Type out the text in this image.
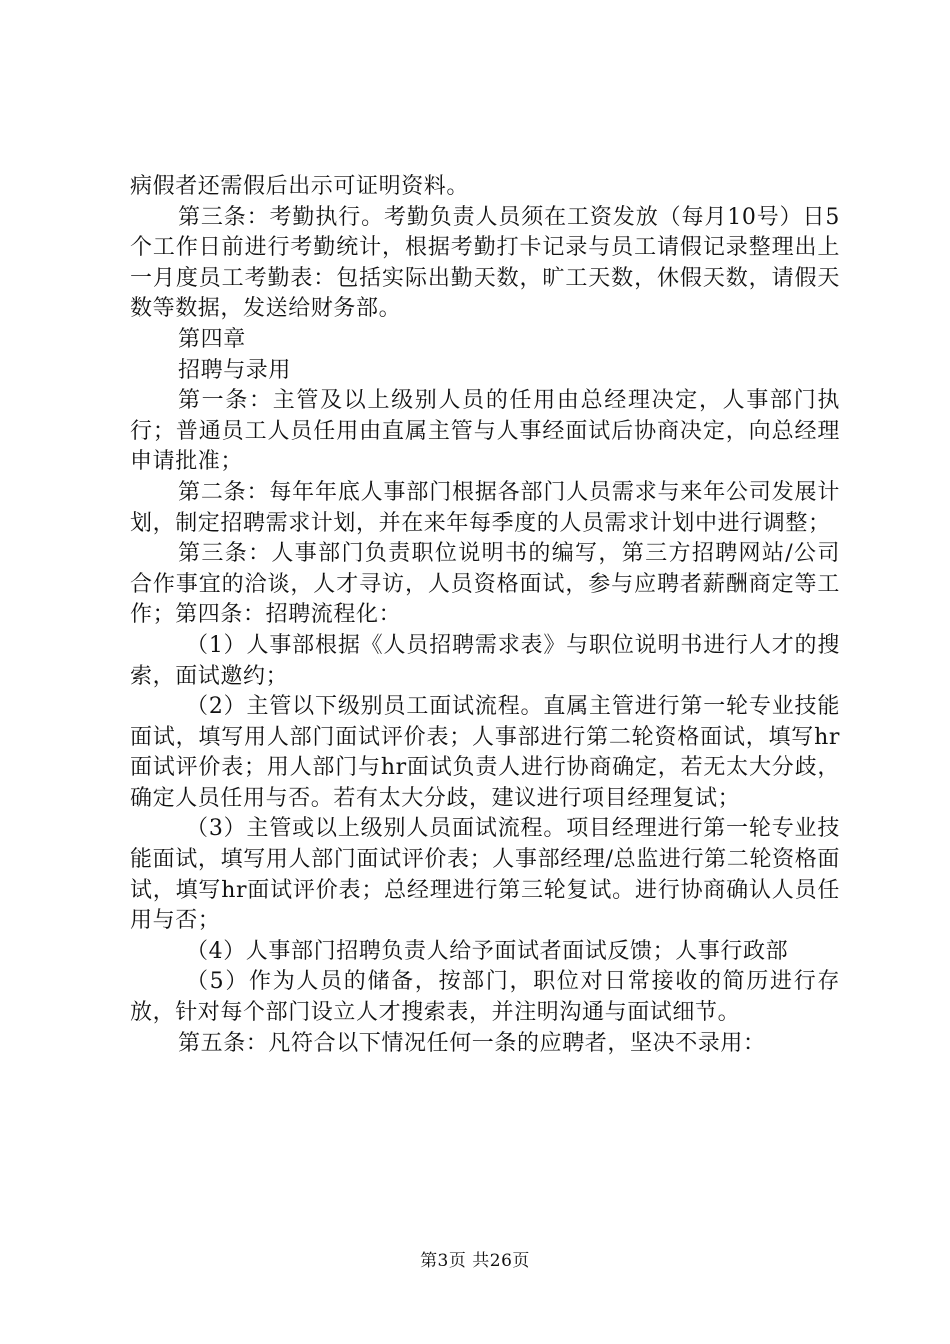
病假者还需假后出示可证明资料。

第三条：考勤执行。考勤负责人员须在工资发放（每月10号）日5个工作日前进行考勤统计，根据考勤打卡记录与员工请假记录整理出上一月度员工考勤表：包括实际出勤天数，旷工天数，休假天数，请假天数等数据，发送给财务部。

第四章

招聘与录用

第一条：主管及以上级别人员的任用由总经理决定，人事部门执行；普通员工人员任用由直属主管与人事经面试后协商决定，向总经理申请批准；

第二条：每年年底人事部门根据各部门人员需求与来年公司发展计划，制定招聘需求计划，并在来年每季度的人员需求计划中进行调整；

第三条：人事部门负责职位说明书的编写，第三方招聘网站/公司合作事宜的洽谈，人才寻访，人员资格面试，参与应聘者薪酬商定等工作；第四条：招聘流程化：

（1）人事部根据《人员招聘需求表》与职位说明书进行人才的搜索，面试邀约；

（2）主管以下级别员工面试流程。直属主管进行第一轮专业技能面试，填写用人部门面试评价表；人事部进行第二轮资格面试，填写hr面试评价表；用人部门与hr面试负责人进行协商确定，若无太大分歧，确定人员任用与否。若有太大分歧，建议进行项目经理复试；

（3）主管或以上级别人员面试流程。项目经理进行第一轮专业技能面试，填写用人部门面试评价表；人事部经理/总监进行第二轮资格面试，填写hr面试评价表；总经理进行第三轮复试。进行协商确认人员任用与否；

（4）人事部门招聘负责人给予面试者面试反馈；人事行政部

（5）作为人员的储备，按部门，职位对日常接收的简历进行存放，针对每个部门设立人才搜索表，并注明沟通与面试细节。

第五条：凡符合以下情况任何一条的应聘者，坚决不录用：

第3页 共26页
